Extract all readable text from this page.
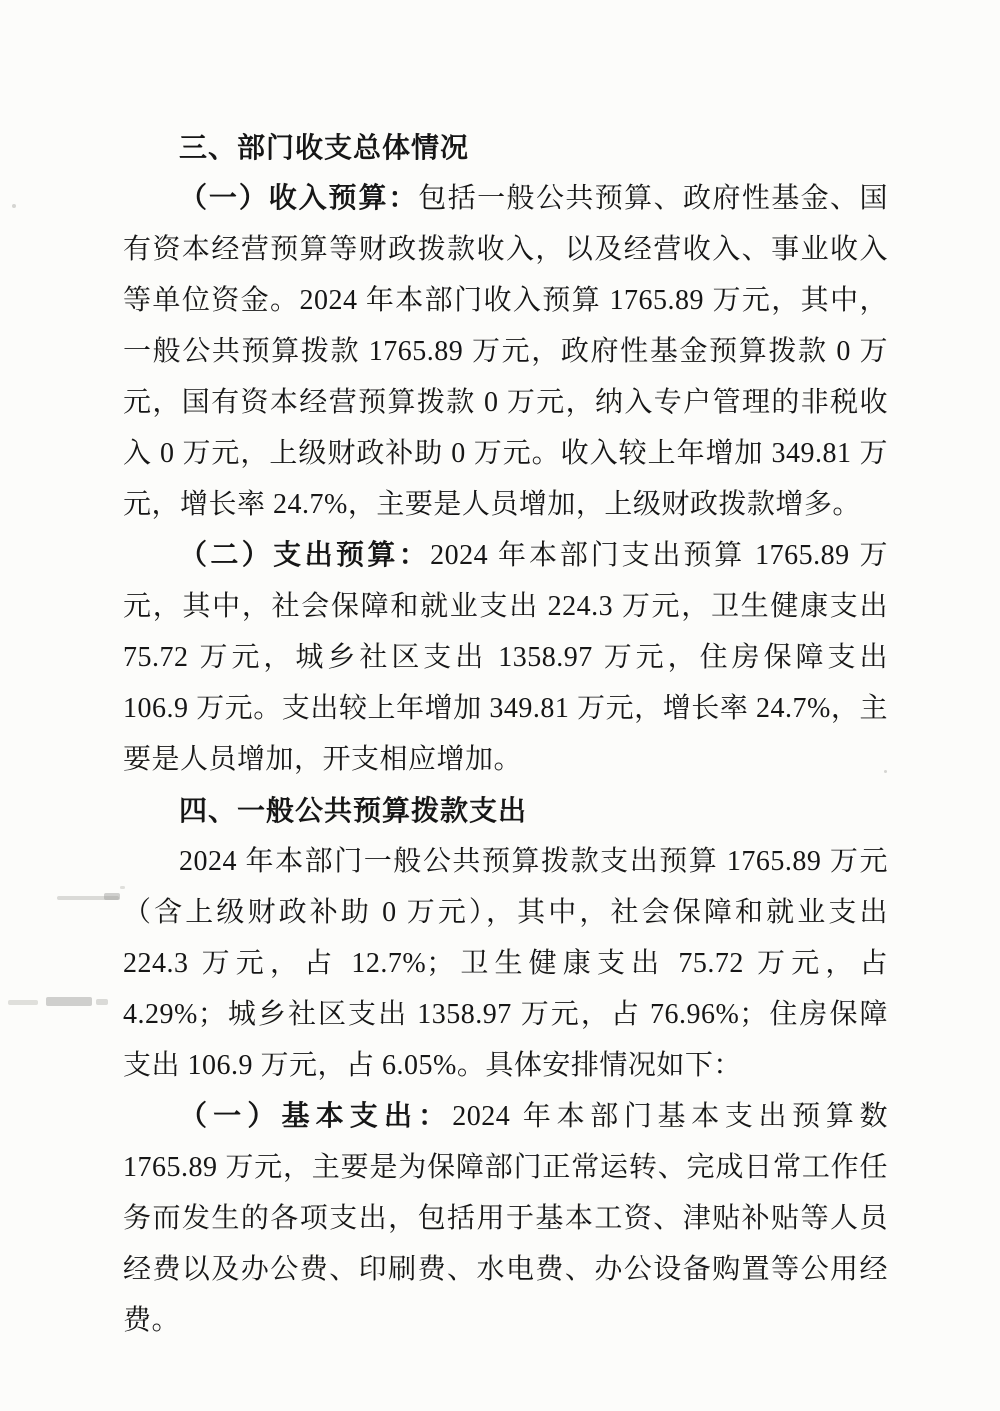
三、部门收支总体情况

（一）收入预算：包括一般公共预算、政府性基金、国有资本经营预算等财政拨款收入，以及经营收入、事业收入等单位资金。2024 年本部门收入预算 1765.89 万元，其中，一般公共预算拨款 1765.89 万元，政府性基金预算拨款 0 万元，国有资本经营预算拨款 0 万元，纳入专户管理的非税收入 0 万元，上级财政补助 0 万元。收入较上年增加 349.81 万元，增长率 24.7%，主要是人员增加，上级财政拨款增多。

（二）支出预算：2024 年本部门支出预算 1765.89 万元，其中，社会保障和就业支出 224.3 万元，卫生健康支出 75.72 万元，城乡社区支出 1358.97 万元，住房保障支出 106.9 万元。支出较上年增加 349.81 万元，增长率 24.7%，主要是人员增加，开支相应增加。

四、一般公共预算拨款支出

2024 年本部门一般公共预算拨款支出预算 1765.89 万元（含上级财政补助 0 万元），其中，社会保障和就业支出 224.3 万元，占 12.7%；卫生健康支出 75.72 万元，占 4.29%；城乡社区支出 1358.97 万元，占 76.96%；住房保障支出 106.9 万元，占 6.05%。具体安排情况如下：

（一）基本支出：2024 年本部门基本支出预算数 1765.89 万元，主要是为保障部门正常运转、完成日常工作任务而发生的各项支出，包括用于基本工资、津贴补贴等人员经费以及办公费、印刷费、水电费、办公设备购置等公用经费。
